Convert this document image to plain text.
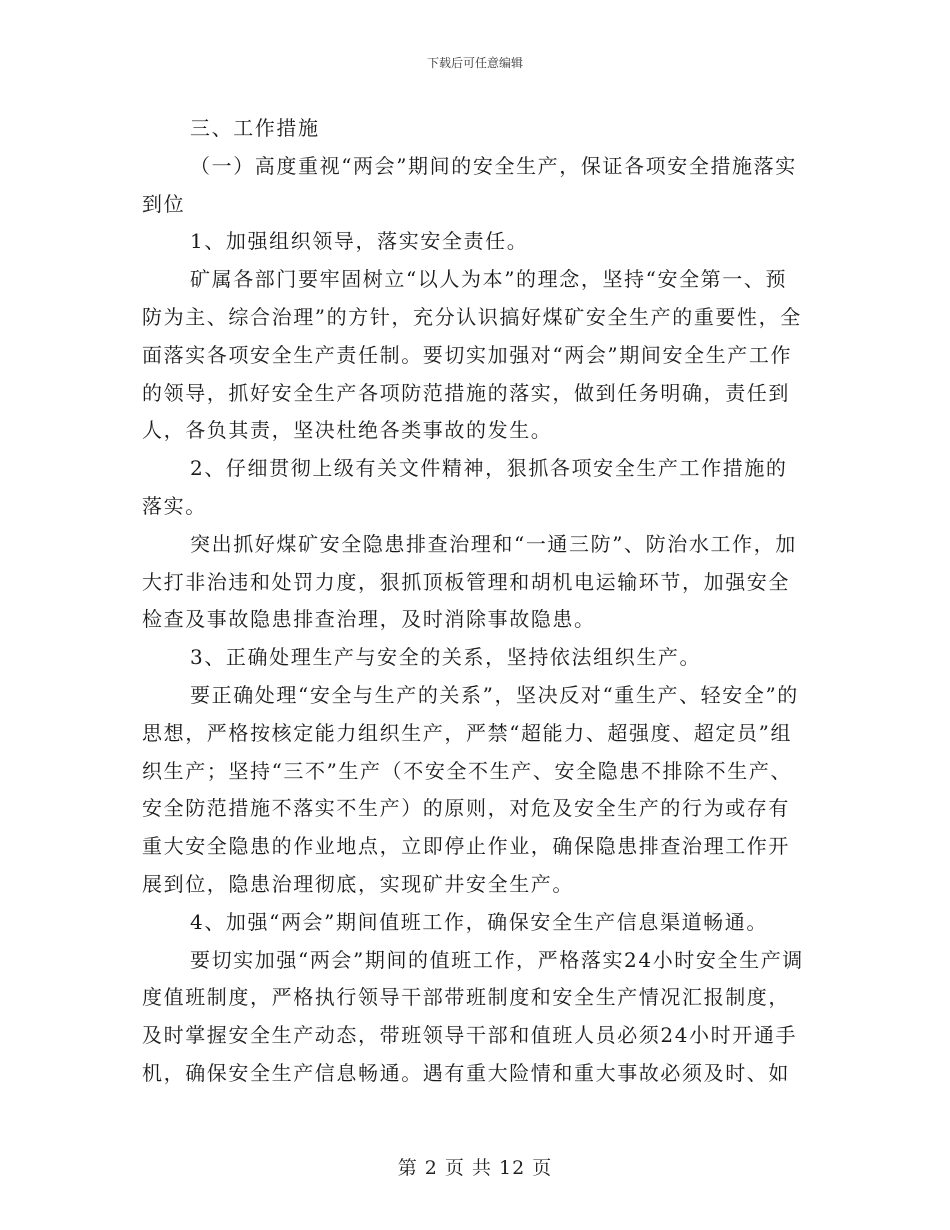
下载后可任意编辑

三、工作措施

（一）高度重视“两会”期间的安全生产，保证各项安全措施落实到位

1、加强组织领导，落实安全责任。

矿属各部门要牢固树立“以人为本”的理念，坚持“安全第一、预防为主、综合治理”的方针，充分认识搞好煤矿安全生产的重要性，全面落实各项安全生产责任制。要切实加强对“两会”期间安全生产工作的领导，抓好安全生产各项防范措施的落实，做到任务明确，责任到人，各负其责，坚决杜绝各类事故的发生。

2、仔细贯彻上级有关文件精神，狠抓各项安全生产工作措施的落实。

突出抓好煤矿安全隐患排查治理和“一通三防”、防治水工作，加大打非治违和处罚力度，狠抓顶板管理和胡机电运输环节，加强安全检查及事故隐患排查治理，及时消除事故隐患。

3、正确处理生产与安全的关系，坚持依法组织生产。

要正确处理“安全与生产的关系”，坚决反对“重生产、轻安全”的思想，严格按核定能力组织生产，严禁“超能力、超强度、超定员”组织生产；坚持“三不”生产（不安全不生产、安全隐患不排除不生产、安全防范措施不落实不生产）的原则，对危及安全生产的行为或存有重大安全隐患的作业地点，立即停止作业，确保隐患排查治理工作开展到位，隐患治理彻底，实现矿井安全生产。

4、加强“两会”期间值班工作，确保安全生产信息渠道畅通。

要切实加强“两会”期间的值班工作，严格落实24小时安全生产调度值班制度，严格执行领导干部带班制度和安全生产情况汇报制度，及时掌握安全生产动态，带班领导干部和值班人员必须24小时开通手机，确保安全生产信息畅通。遇有重大险情和重大事故必须及时、如

第 2 页 共 12 页
